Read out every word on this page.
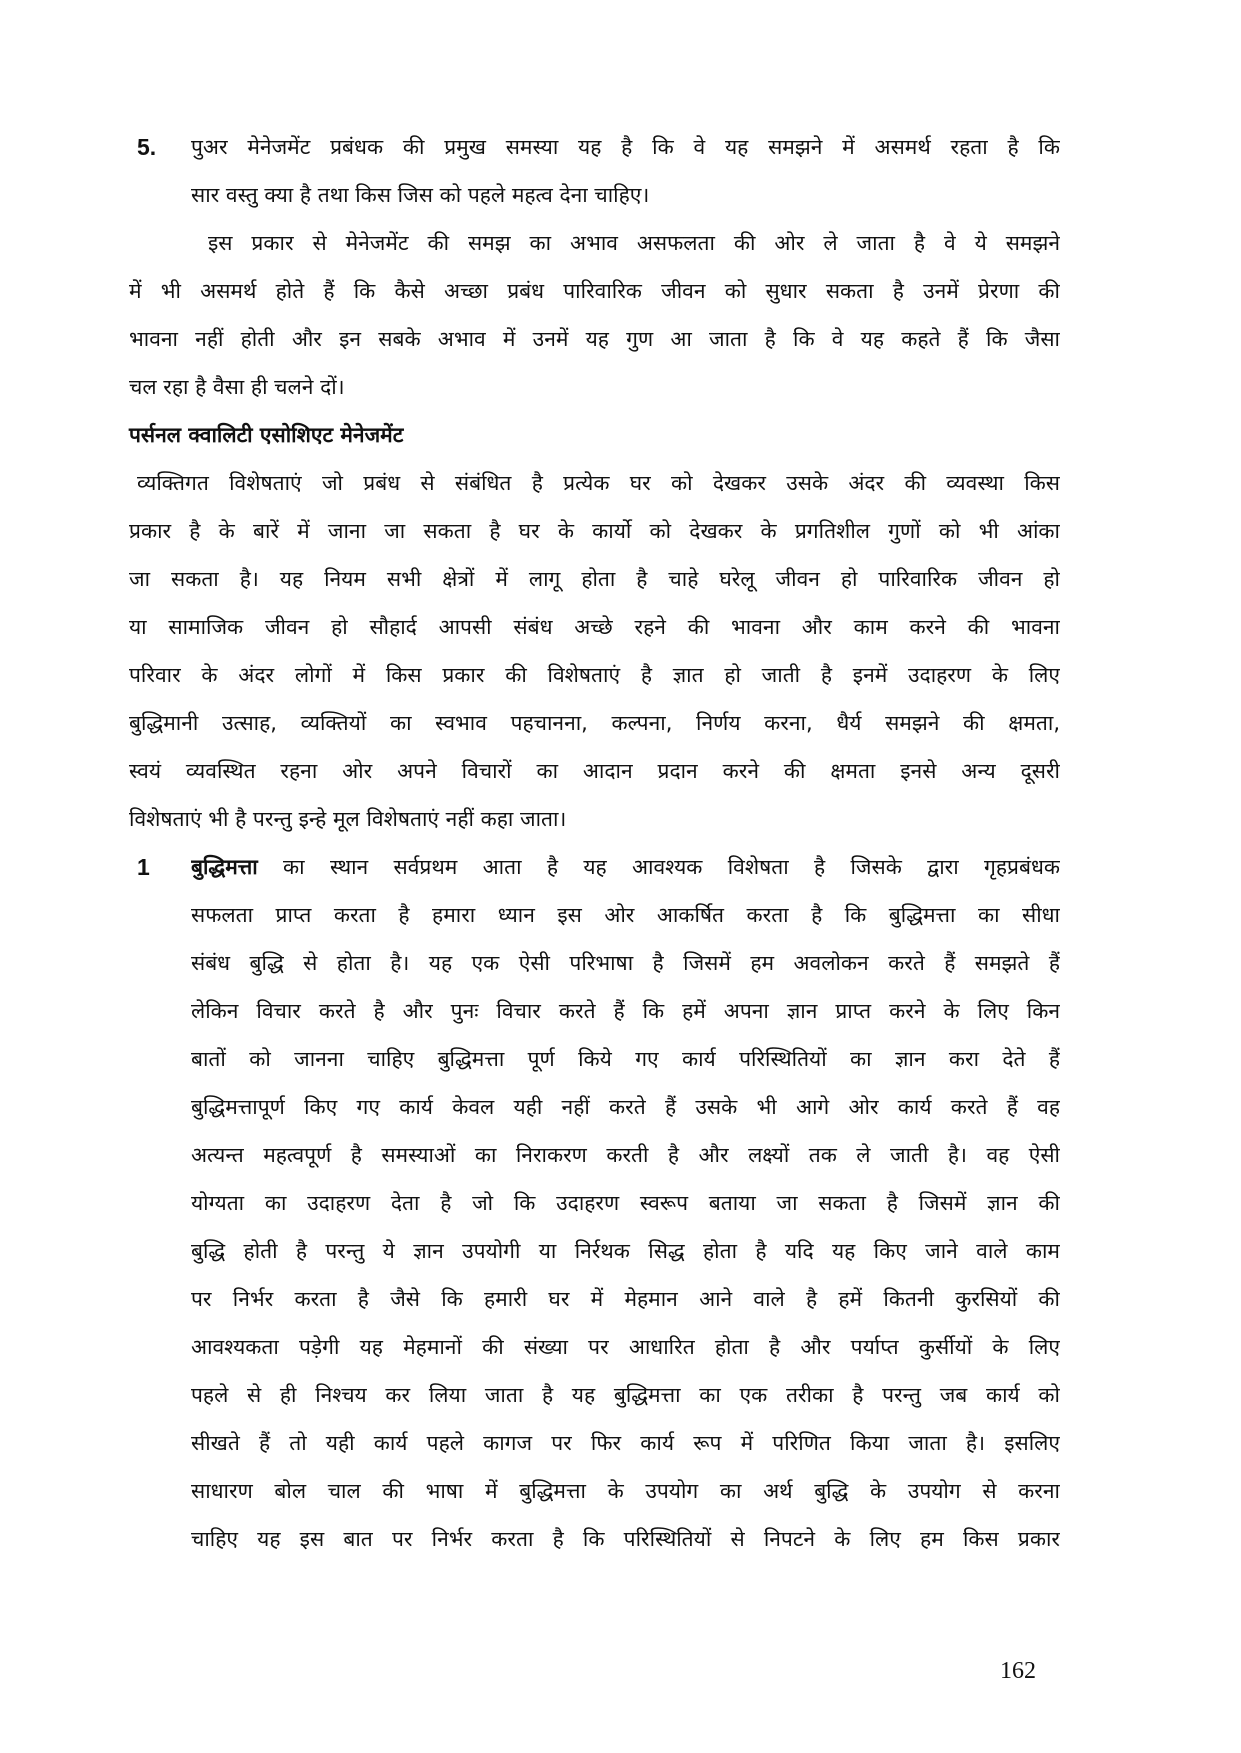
5. पुअर मेनेजमेंट प्रबंधक की प्रमुख समस्या यह है कि वे यह समझने में असमर्थ रहता है कि
सार वस्तु क्या है तथा किस जिस को पहले महत्व देना चाहिए।
इस प्रकार से मेनेजमेंट की समझ का अभाव असफलता की ओर ले जाता है वे ये समझने
में भी असमर्थ होते हैं कि कैसे अच्छा प्रबंध पारिवारिक जीवन को सुधार सकता है उनमें प्रेरणा की
भावना नहीं होती और इन सबके अभाव में उनमें यह गुण आ जाता है कि वे यह कहते हैं कि जैसा
चल रहा है वैसा ही चलने दों।
पर्सनल क्वालिटी एसोशिएट मेनेजमेंट
व्यक्तिगत विशेषताएं जो प्रबंध से संबंधित है प्रत्येक घर को देखकर उसके अंदर की व्यवस्था किस
प्रकार है के बारें में जाना जा सकता है घर के कार्यो को देखकर के प्रगतिशील गुणों को भी आंका
जा सकता है। यह नियम सभी क्षेत्रों में लागू होता है चाहे घरेलू जीवन हो पारिवारिक जीवन हो
या सामाजिक जीवन हो सौहार्द आपसी संबंध अच्छे रहने की भावना और काम करने की भावना
परिवार के अंदर लोगों में किस प्रकार की विशेषताएं है ज्ञात हो जाती है इनमें उदाहरण के लिए
बुद्धिमानी उत्साह, व्यक्तियों का स्वभाव पहचानना, कल्पना, निर्णय करना, धैर्य समझने की क्षमता,
स्वयं व्यवस्थित रहना ओर अपने विचारों का आदान प्रदान करने की क्षमता इनसे अन्य दूसरी
विशेषताएं भी है परन्तु इन्हे मूल विशेषताएं नहीं कहा जाता।
1 बुद्धिमत्ता का स्थान सर्वप्रथम आता है यह आवश्यक विशेषता है जिसके द्वारा गृहप्रबंधक
सफलता प्राप्त करता है हमारा ध्यान इस ओर आकर्षित करता है कि बुद्धिमत्ता का सीधा
संबंध बुद्धि से होता है। यह एक ऐसी परिभाषा है जिसमें हम अवलोकन करते हैं समझते हैं
लेकिन विचार करते है और पुनः विचार करते हैं कि हमें अपना ज्ञान प्राप्त करने के लिए किन
बातों को जानना चाहिए बुद्धिमत्ता पूर्ण किये गए कार्य परिस्थितियों का ज्ञान करा देते हैं
बुद्धिमत्तापूर्ण किए गए कार्य केवल यही नहीं करते हैं उसके भी आगे ओर कार्य करते हैं वह
अत्यन्त महत्वपूर्ण है समस्याओं का निराकरण करती है और लक्ष्यों तक ले जाती है। वह ऐसी
योग्यता का उदाहरण देता है जो कि उदाहरण स्वरूप बताया जा सकता है जिसमें ज्ञान की
बुद्धि होती है परन्तु ये ज्ञान उपयोगी या निर्रथक सिद्ध होता है यदि यह किए जाने वाले काम
पर निर्भर करता है जैसे कि हमारी घर में मेहमान आने वाले है हमें कितनी कुरसियों की
आवश्यकता पड़ेगी यह मेहमानों की संख्या पर आधारित होता है और पर्याप्त कुर्सीयों के लिए
पहले से ही निश्चय कर लिया जाता है यह बुद्धिमत्ता का एक तरीका है परन्तु जब कार्य को
सीखते हैं तो यही कार्य पहले कागज पर फिर कार्य रूप में परिणित किया जाता है। इसलिए
साधारण बोल चाल की भाषा में बुद्धिमत्ता के उपयोग का अर्थ बुद्धि के उपयोग से करना
चाहिए यह इस बात पर निर्भर करता है कि परिस्थितियों से निपटने के लिए हम किस प्रकार
162
